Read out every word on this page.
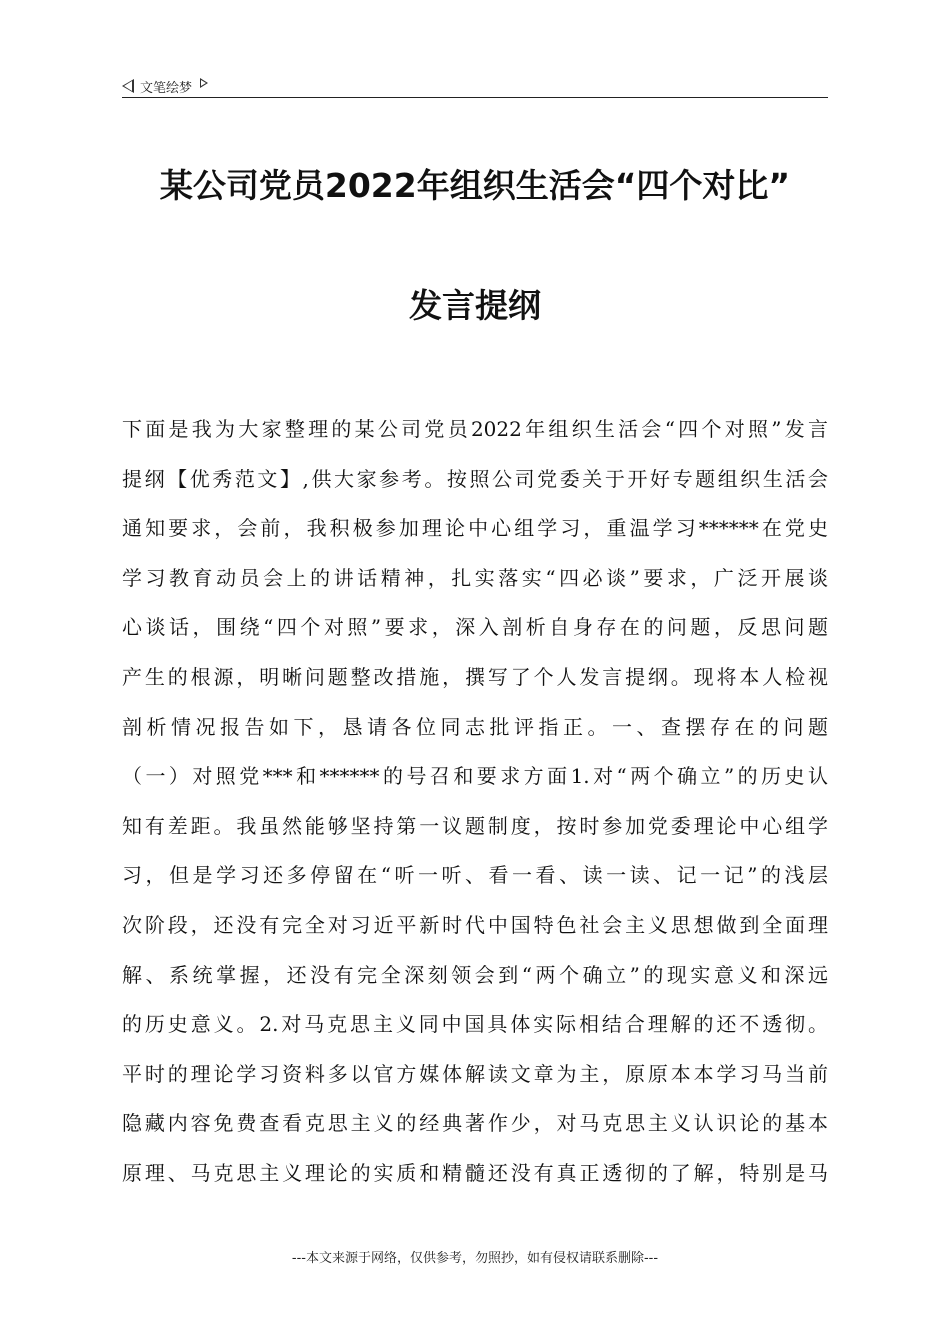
文笔绘梦
某公司党员2022年组织生活会“四个对比”
发言提纲
下面是我为大家整理的某公司党员2022年组织生活会“四个对照”发言
提纲【优秀范文】,供大家参考。按照公司党委关于开好专题组织生活会
通知要求，会前，我积极参加理论中心组学习，重温学习******在党史
学习教育动员会上的讲话精神，扎实落实“四必谈”要求，广泛开展谈
心谈话，围绕“四个对照”要求，深入剖析自身存在的问题，反思问题
产生的根源，明晰问题整改措施，撰写了个人发言提纲。现将本人检视
剖析情况报告如下，恳请各位同志批评指正。一、查摆存在的问题
（一）对照党***和******的号召和要求方面1.对“两个确立”的历史认
知有差距。我虽然能够坚持第一议题制度，按时参加党委理论中心组学
习，但是学习还多停留在“听一听、看一看、读一读、记一记”的浅层
次阶段，还没有完全对习近平新时代中国特色社会主义思想做到全面理
解、系统掌握，还没有完全深刻领会到“两个确立”的现实意义和深远
的历史意义。2.对马克思主义同中国具体实际相结合理解的还不透彻。
平时的理论学习资料多以官方媒体解读文章为主，原原本本学习马当前
隐藏内容免费查看克思主义的经典著作少，对马克思主义认识论的基本
原理、马克思主义理论的实质和精髓还没有真正透彻的了解，特别是马
---本文来源于网络，仅供参考，勿照抄，如有侵权请联系删除---
